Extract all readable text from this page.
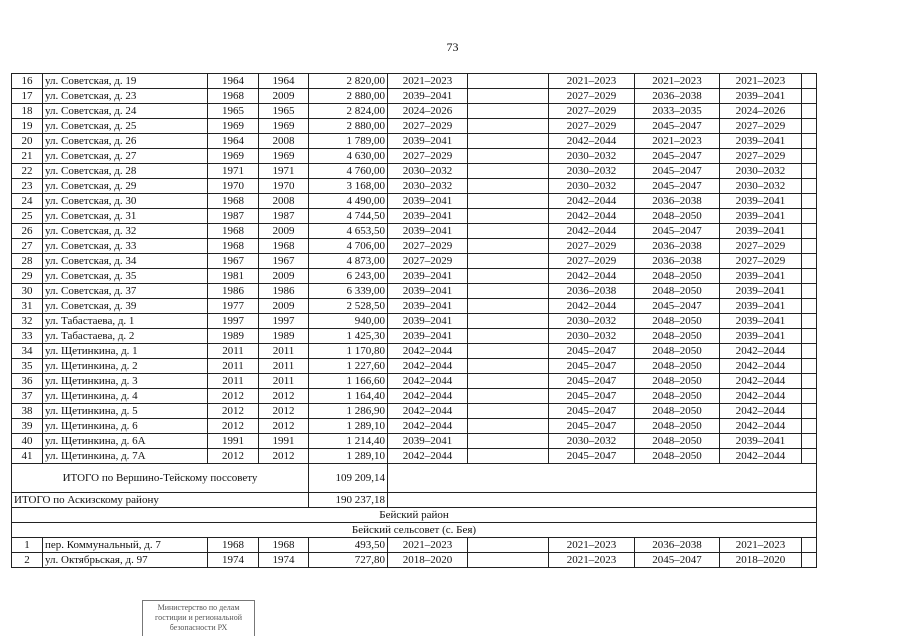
73
16	ул. Советская, д. 19	1964	1964	2 820,00	2021–2023		2021–2023	2021–2023	2021–2023	
17	ул. Советская, д. 23	1968	2009	2 880,00	2039–2041		2027–2029	2036–2038	2039–2041	
18	ул. Советская, д. 24	1965	1965	2 824,00	2024–2026		2027–2029	2033–2035	2024–2026	
19	ул. Советская, д. 25	1969	1969	2 880,00	2027–2029		2027–2029	2045–2047	2027–2029	
20	ул. Советская, д. 26	1964	2008	1 789,00	2039–2041		2042–2044	2021–2023	2039–2041	
21	ул. Советская, д. 27	1969	1969	4 630,00	2027–2029		2030–2032	2045–2047	2027–2029	
22	ул. Советская, д. 28	1971	1971	4 760,00	2030–2032		2030–2032	2045–2047	2030–2032	
23	ул. Советская, д. 29	1970	1970	3 168,00	2030–2032		2030–2032	2045–2047	2030–2032	
24	ул. Советская, д. 30	1968	2008	4 490,00	2039–2041		2042–2044	2036–2038	2039–2041	
25	ул. Советская, д. 31	1987	1987	4 744,50	2039–2041		2042–2044	2048–2050	2039–2041	
26	ул. Советская, д. 32	1968	2009	4 653,50	2039–2041		2042–2044	2045–2047	2039–2041	
27	ул. Советская, д. 33	1968	1968	4 706,00	2027–2029		2027–2029	2036–2038	2027–2029	
28	ул. Советская, д. 34	1967	1967	4 873,00	2027–2029		2027–2029	2036–2038	2027–2029	
29	ул. Советская, д. 35	1981	2009	6 243,00	2039–2041		2042–2044	2048–2050	2039–2041	
30	ул. Советская, д. 37	1986	1986	6 339,00	2039–2041		2036–2038	2048–2050	2039–2041	
31	ул. Советская, д. 39	1977	2009	2 528,50	2039–2041		2042–2044	2045–2047	2039–2041	
32	ул. Табастаева, д. 1	1997	1997	940,00	2039–2041		2030–2032	2048–2050	2039–2041	
33	ул. Табастаева, д. 2	1989	1989	1 425,30	2039–2041		2030–2032	2048–2050	2039–2041	
34	ул. Щетинкина, д. 1	2011	2011	1 170,80	2042–2044		2045–2047	2048–2050	2042–2044	
35	ул. Щетинкина, д. 2	2011	2011	1 227,60	2042–2044		2045–2047	2048–2050	2042–2044	
36	ул. Щетинкина, д. 3	2011	2011	1 166,60	2042–2044		2045–2047	2048–2050	2042–2044	
37	ул. Щетинкина, д. 4	2012	2012	1 164,40	2042–2044		2045–2047	2048–2050	2042–2044	
38	ул. Щетинкина, д. 5	2012	2012	1 286,90	2042–2044		2045–2047	2048–2050	2042–2044	
39	ул. Щетинкина, д. 6	2012	2012	1 289,10	2042–2044		2045–2047	2048–2050	2042–2044	
40	ул. Щетинкина, д. 6А	1991	1991	1 214,40	2039–2041		2030–2032	2048–2050	2039–2041	
41	ул. Щетинкина, д. 7А	2012	2012	1 289,10	2042–2044		2045–2047	2048–2050	2042–2044	
ИТОГО по Вершино-Тейскому поссовету				109 209,14						
ИТОГО по Аскизскому району				190 237,18						
Бейский район										
Бейский сельсовет (с. Бея)										
1	пер. Коммунальный, д. 7	1968	1968	493,50	2021–2023		2021–2023	2036–2038	2021–2023	
2	ул. Октябрьская, д. 97	1974	1974	727,80	2018–2020		2021–2023	2045–2047	2018–2020	
Министерство по делам
гостиции и региональной
безопасности РХ
